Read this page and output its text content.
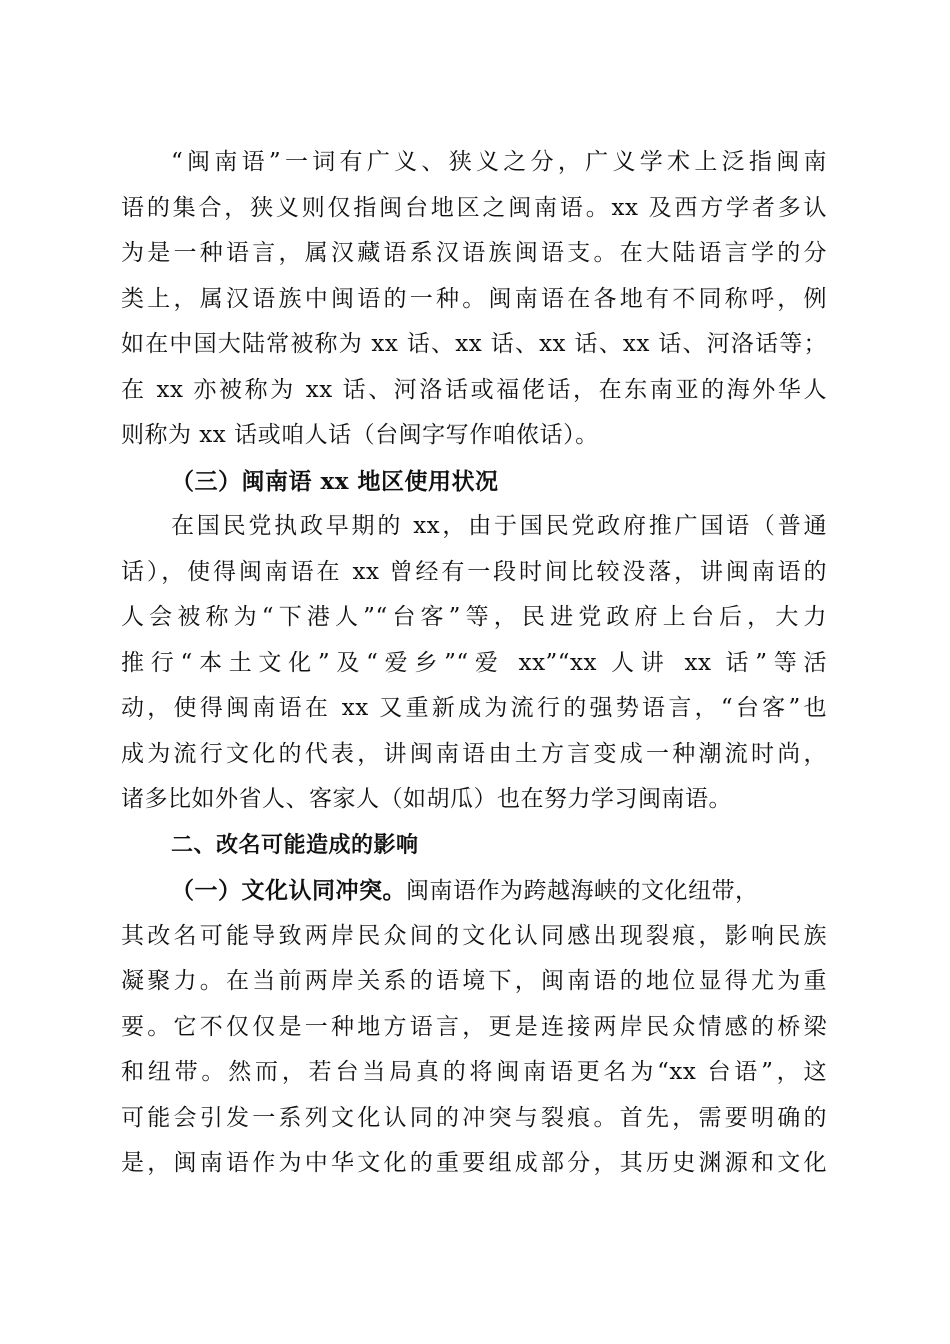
“闽南语”一词有广义、狭义之分，广义学术上泛指闽南
语的集合，狭义则仅指闽台地区之闽南语。xx 及西方学者多认
为是一种语言，属汉藏语系汉语族闽语支。在大陆语言学的分
类上，属汉语族中闽语的一种。闽南语在各地有不同称呼，例
如在中国大陆常被称为 xx 话、xx 话、xx 话、xx 话、河洛话等；
在 xx 亦被称为 xx 话、河洛话或福佬话，在东南亚的海外华人
则称为 xx 话或咱人话（台闽字写作咱侬话）。
（三）闽南语 xx 地区使用状况
在国民党执政早期的 xx，由于国民党政府推广国语（普通
话），使得闽南语在 xx 曾经有一段时间比较没落，讲闽南语的
人会被称为“下港人”“台客”等，民进党政府上台后，大力
推行“本土文化”及“爱乡”“爱 xx”“xx 人讲 xx 话”等活
动，使得闽南语在 xx 又重新成为流行的强势语言，“台客”也
成为流行文化的代表，讲闽南语由土方言变成一种潮流时尚，
诸多比如外省人、客家人（如胡瓜）也在努力学习闽南语。
二、改名可能造成的影响
（一）文化认同冲突。闽南语作为跨越海峡的文化纽带，
其改名可能导致两岸民众间的文化认同感出现裂痕，影响民族
凝聚力。在当前两岸关系的语境下，闽南语的地位显得尤为重
要。它不仅仅是一种地方语言，更是连接两岸民众情感的桥梁
和纽带。然而，若台当局真的将闽南语更名为“xx 台语”，这
可能会引发一系列文化认同的冲突与裂痕。首先，需要明确的
是，闽南语作为中华文化的重要组成部分，其历史渊源和文化
